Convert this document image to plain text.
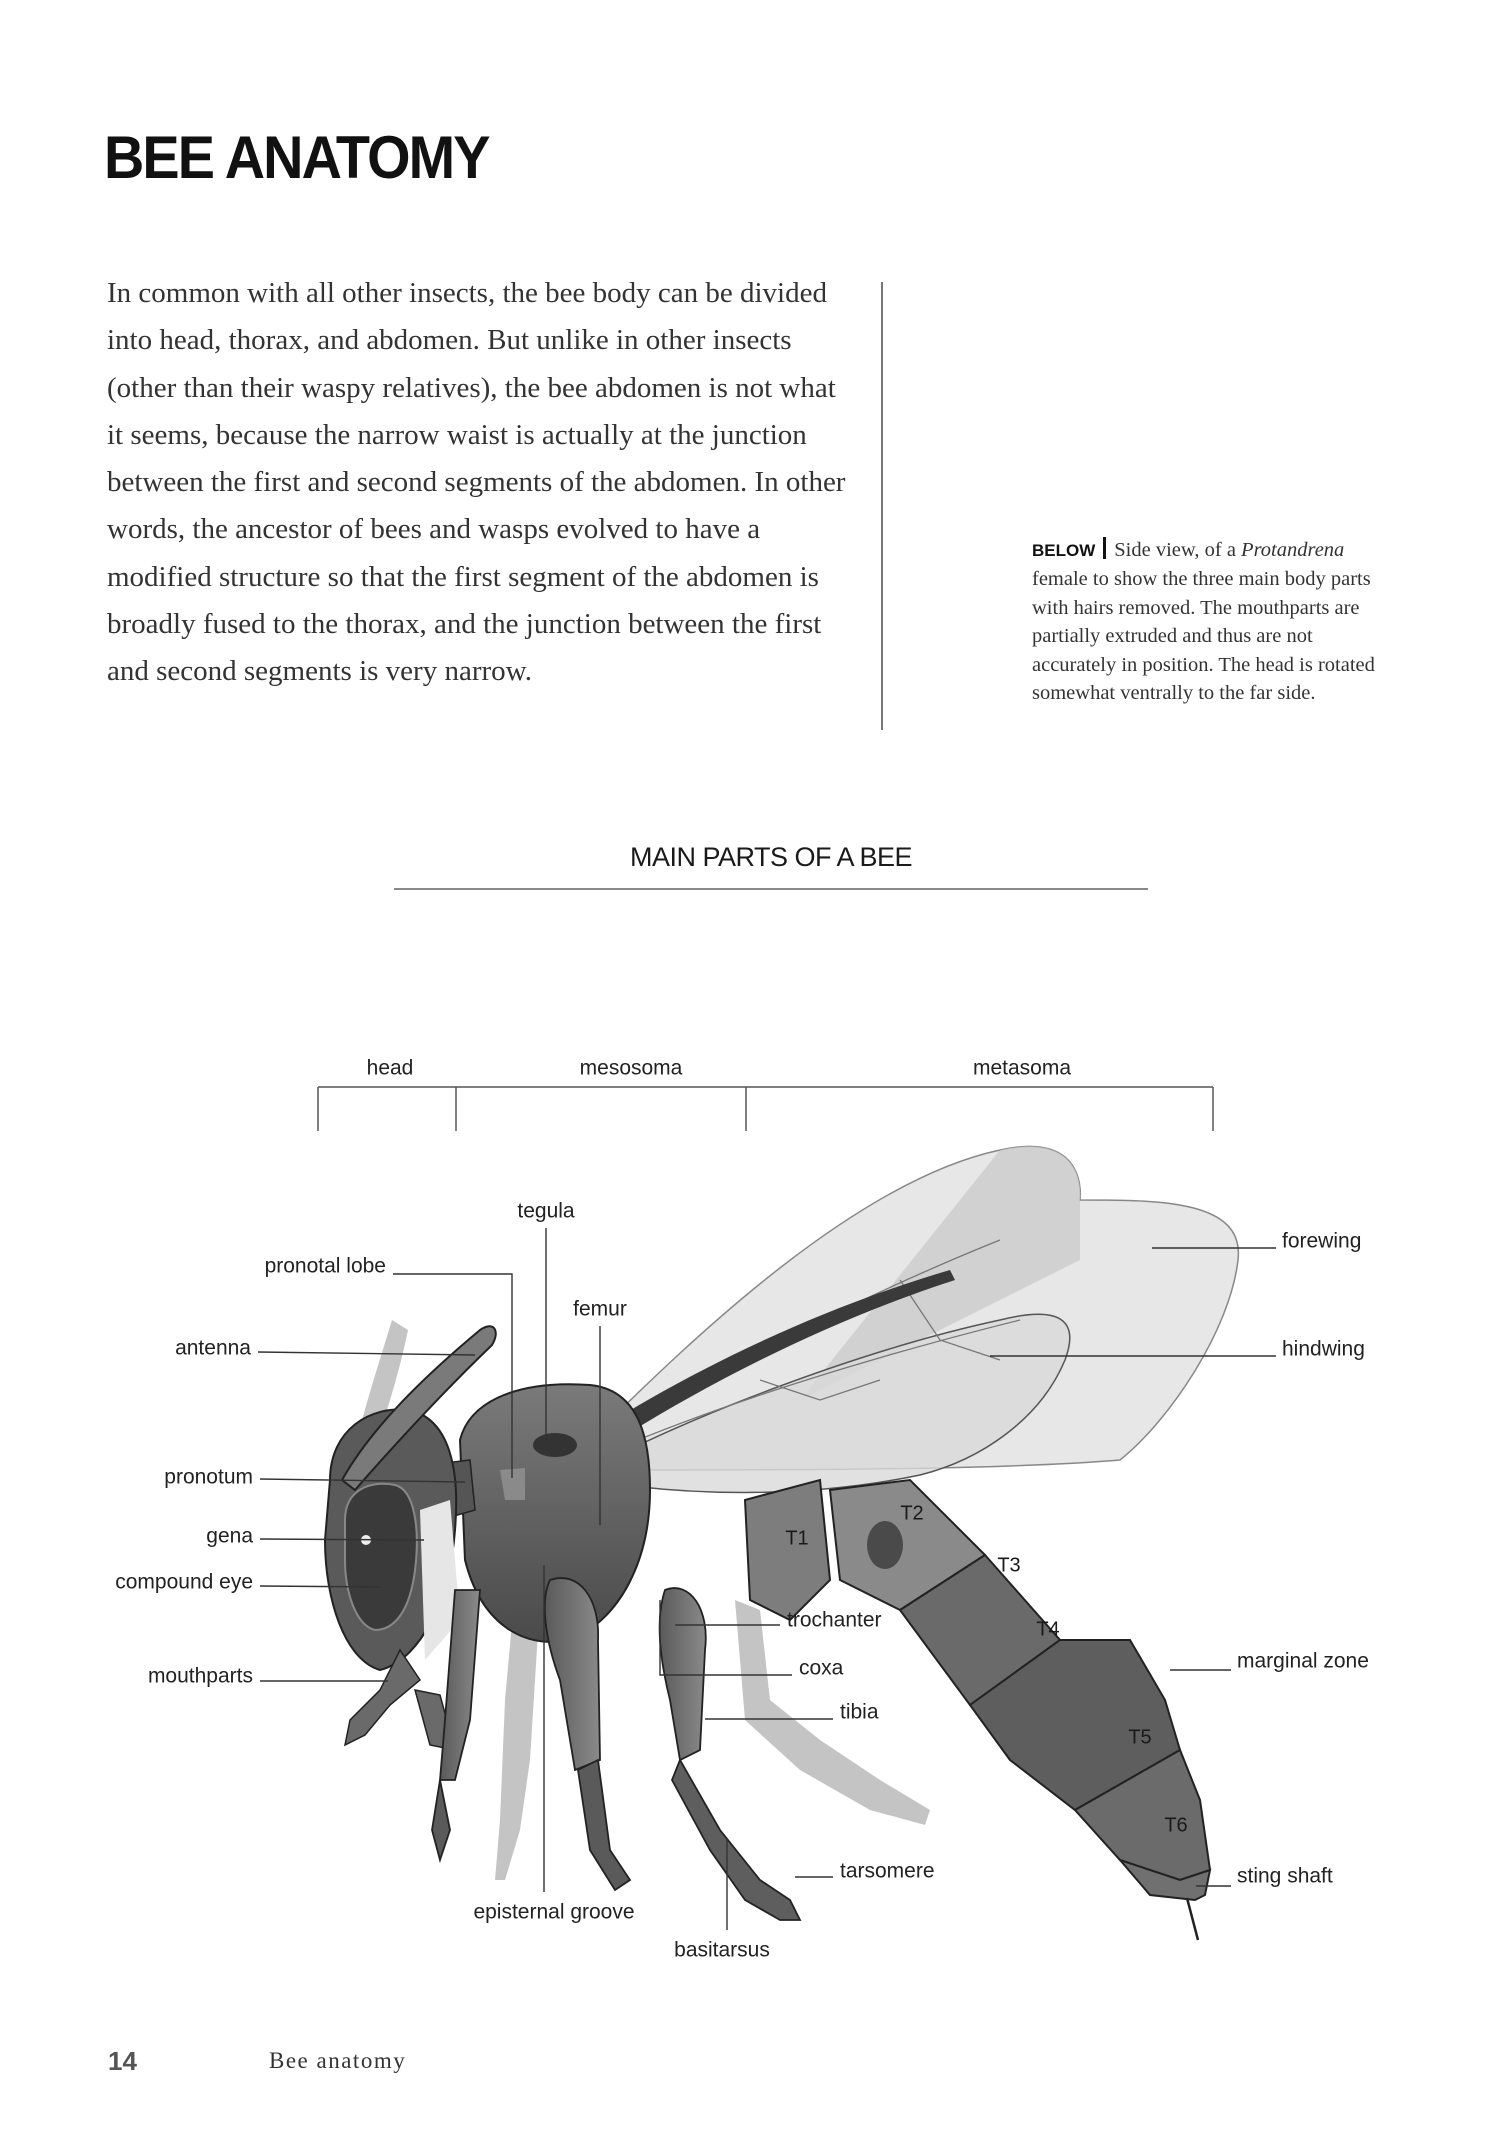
BEE ANATOMY

In common with all other insects, the bee body can be divided into head, thorax, and abdomen. But unlike in other insects (other than their waspy relatives), the bee abdomen is not what it seems, because the narrow waist is actually at the junction between the first and second segments of the abdomen. In other words, the ancestor of bees and wasps evolved to have a modified structure so that the first segment of the abdomen is broadly fused to the thorax, and the junction between the first and second segments is very narrow.

BELOW Side view, of a Protandrena female to show the three main body parts with hairs removed. The mouthparts are partially extruded and thus are not accurately in position. The head is rotated somewhat ventrally to the far side.
MAIN PARTS OF A BEE
head	mesosoma	metasoma
tegula
pronotal lobe
femur
antenna
pronotum
gena
compound eye
mouthparts
forewing
hindwing
trochanter
coxa
tibia
marginal zone
tarsomere	sting shaft
episternal groove
basitarsus
T1
T2
T3
T4
T5
T6
14	Bee anatomy
